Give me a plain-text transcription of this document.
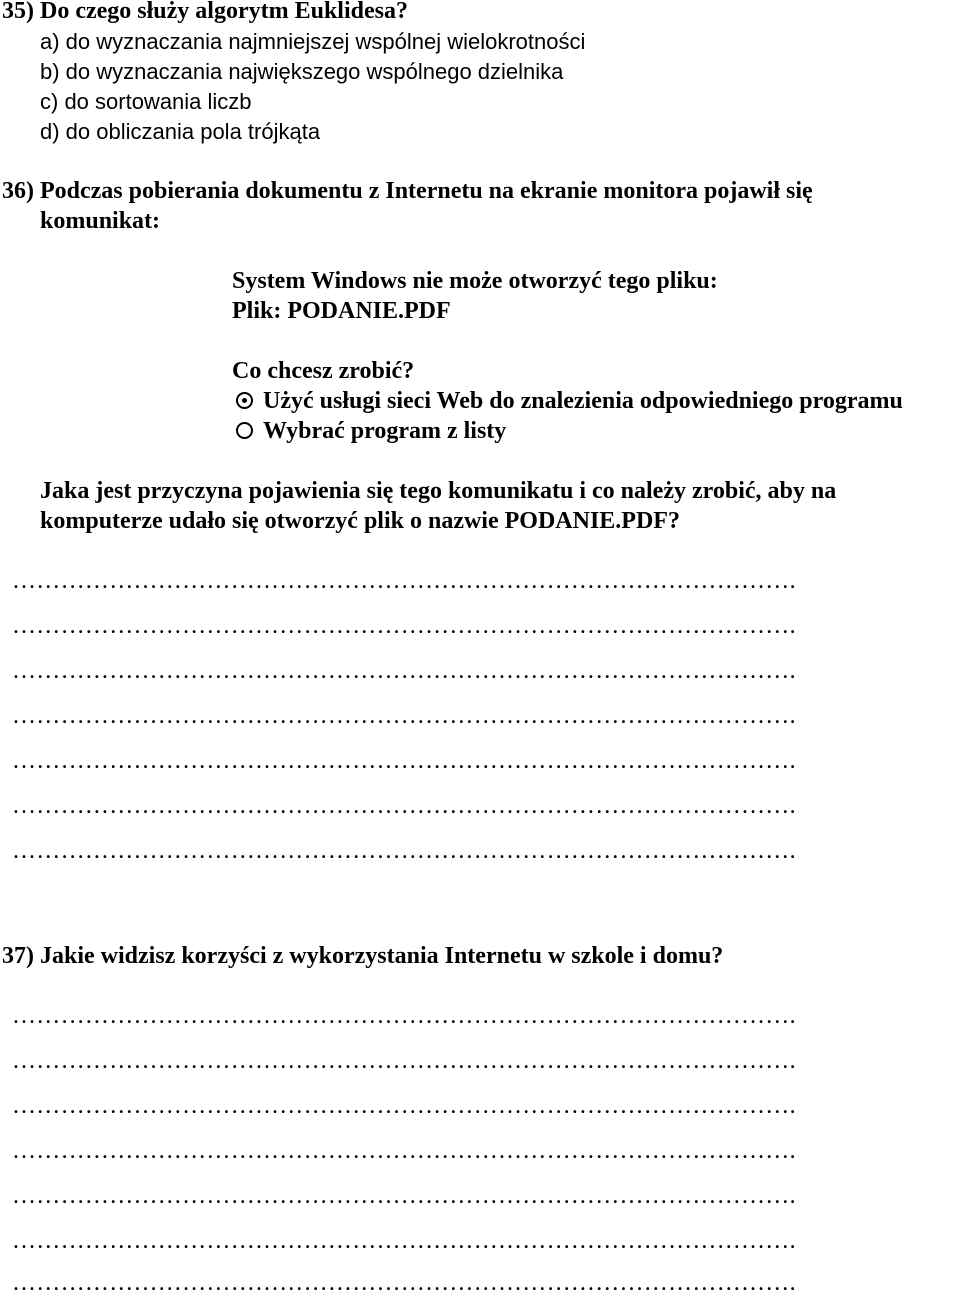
35) Do czego służy algorytm Euklidesa?
a) do wyznaczania najmniejszej wspólnej wielokrotności
b) do wyznaczania największego wspólnego dzielnika
c) do sortowania liczb
d) do obliczania pola trójkąta
36) Podczas pobierania dokumentu z Internetu na ekranie monitora pojawił się
komunikat:
System Windows nie może otworzyć tego pliku:
Plik: PODANIE.PDF
Co chcesz zrobić?
Użyć usługi sieci Web do znalezienia odpowiedniego programu
Wybrać program z listy
Jaka jest przyczyna pojawienia się tego komunikatu i co należy zrobić, aby na
komputerze udało się otworzyć plik o nazwie PODANIE.PDF?
…………………………………………………………………………………….
…………………………………………………………………………………….
…………………………………………………………………………………….
…………………………………………………………………………………….
…………………………………………………………………………………….
…………………………………………………………………………………….
…………………………………………………………………………………….
37) Jakie widzisz korzyści z wykorzystania Internetu w szkole i domu?
…………………………………………………………………………………….
…………………………………………………………………………………….
…………………………………………………………………………………….
…………………………………………………………………………………….
…………………………………………………………………………………….
…………………………………………………………………………………….
…………………………………………………………………………………….
